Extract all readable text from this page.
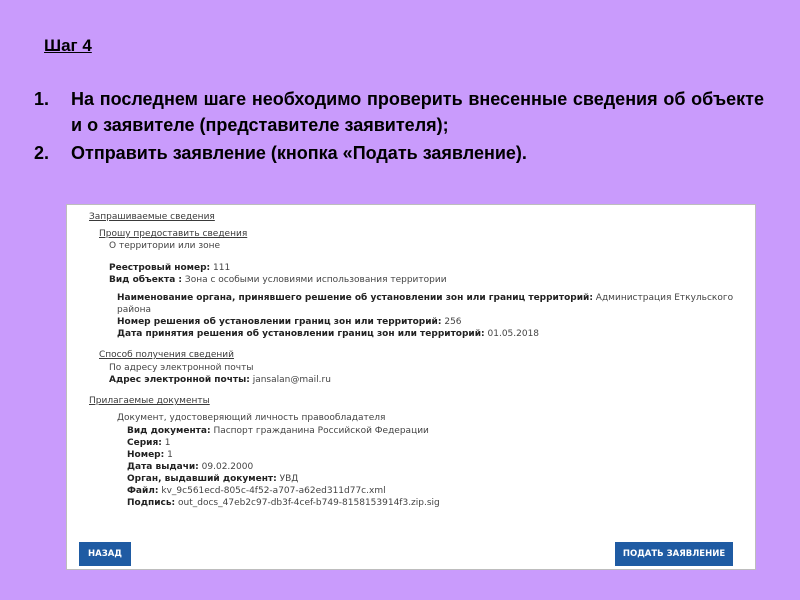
Шаг 4
1. На последнем шаге необходимо проверить внесенные сведения об объекте и о заявителе (представителе заявителя);
2. Отправить заявление (кнопка «Подать заявление).
Запрашиваемые сведения
Прошу предоставить сведения
О территории или зоне
Реестровый номер: 111
Вид объекта : Зона с особыми условиями использования территории
Наименование органа, принявшего решение об установлении зон или границ территорий: Администрация Еткульского
района
Номер решения об установлении границ зон или территорий: 256
Дата принятия решения об установлении границ зон или территорий: 01.05.2018
Способ получения сведений
По адресу электронной почты
Адрес электронной почты: jansalan@mail.ru
Прилагаемые документы
Документ, удостоверяющий личность правообладателя
Вид документа: Паспорт гражданина Российской Федерации
Серия: 1
Номер: 1
Дата выдачи: 09.02.2000
Орган, выдавший документ: УВД
Файл: kv_9c561ecd-805c-4f52-a707-a62ed311d77c.xml
Подпись: out_docs_47eb2c97-db3f-4cef-b749-8158153914f3.zip.sig
НАЗАД	ПОДАТЬ ЗАЯВЛЕНИЕ
